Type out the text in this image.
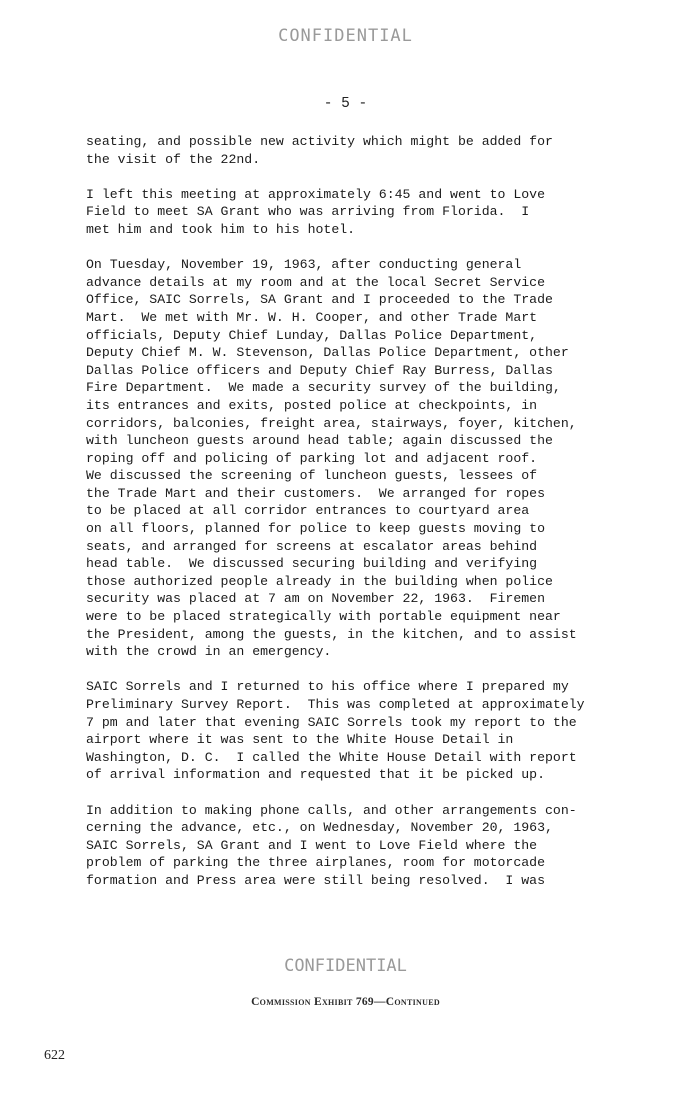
CONFIDENTIAL
- 5 -
seating, and possible new activity which might be added for
the visit of the 22nd.
I left this meeting at approximately 6:45 and went to Love
Field to meet SA Grant who was arriving from Florida.  I
met him and took him to his hotel.
On Tuesday, November 19, 1963, after conducting general
advance details at my room and at the local Secret Service
Office, SAIC Sorrels, SA Grant and I proceeded to the Trade
Mart.  We met with Mr. W. H. Cooper, and other Trade Mart
officials, Deputy Chief Lunday, Dallas Police Department,
Deputy Chief M. W. Stevenson, Dallas Police Department, other
Dallas Police officers and Deputy Chief Ray Burress, Dallas
Fire Department.  We made a security survey of the building,
its entrances and exits, posted police at checkpoints, in
corridors, balconies, freight area, stairways, foyer, kitchen,
with luncheon guests around head table; again discussed the
roping off and policing of parking lot and adjacent roof.
We discussed the screening of luncheon guests, lessees of
the Trade Mart and their customers.  We arranged for ropes
to be placed at all corridor entrances to courtyard area
on all floors, planned for police to keep guests moving to
seats, and arranged for screens at escalator areas behind
head table.  We discussed securing building and verifying
those authorized people already in the building when police
security was placed at 7 am on November 22, 1963.  Firemen
were to be placed strategically with portable equipment near
the President, among the guests, in the kitchen, and to assist
with the crowd in an emergency.
SAIC Sorrels and I returned to his office where I prepared my
Preliminary Survey Report.  This was completed at approximately
7 pm and later that evening SAIC Sorrels took my report to the
airport where it was sent to the White House Detail in
Washington, D. C.  I called the White House Detail with report
of arrival information and requested that it be picked up.
In addition to making phone calls, and other arrangements con-
cerning the advance, etc., on Wednesday, November 20, 1963,
SAIC Sorrels, SA Grant and I went to Love Field where the
problem of parking the three airplanes, room for motorcade
formation and Press area were still being resolved.  I was
CONFIDENTIAL
Commission Exhibit 769—Continued
622
